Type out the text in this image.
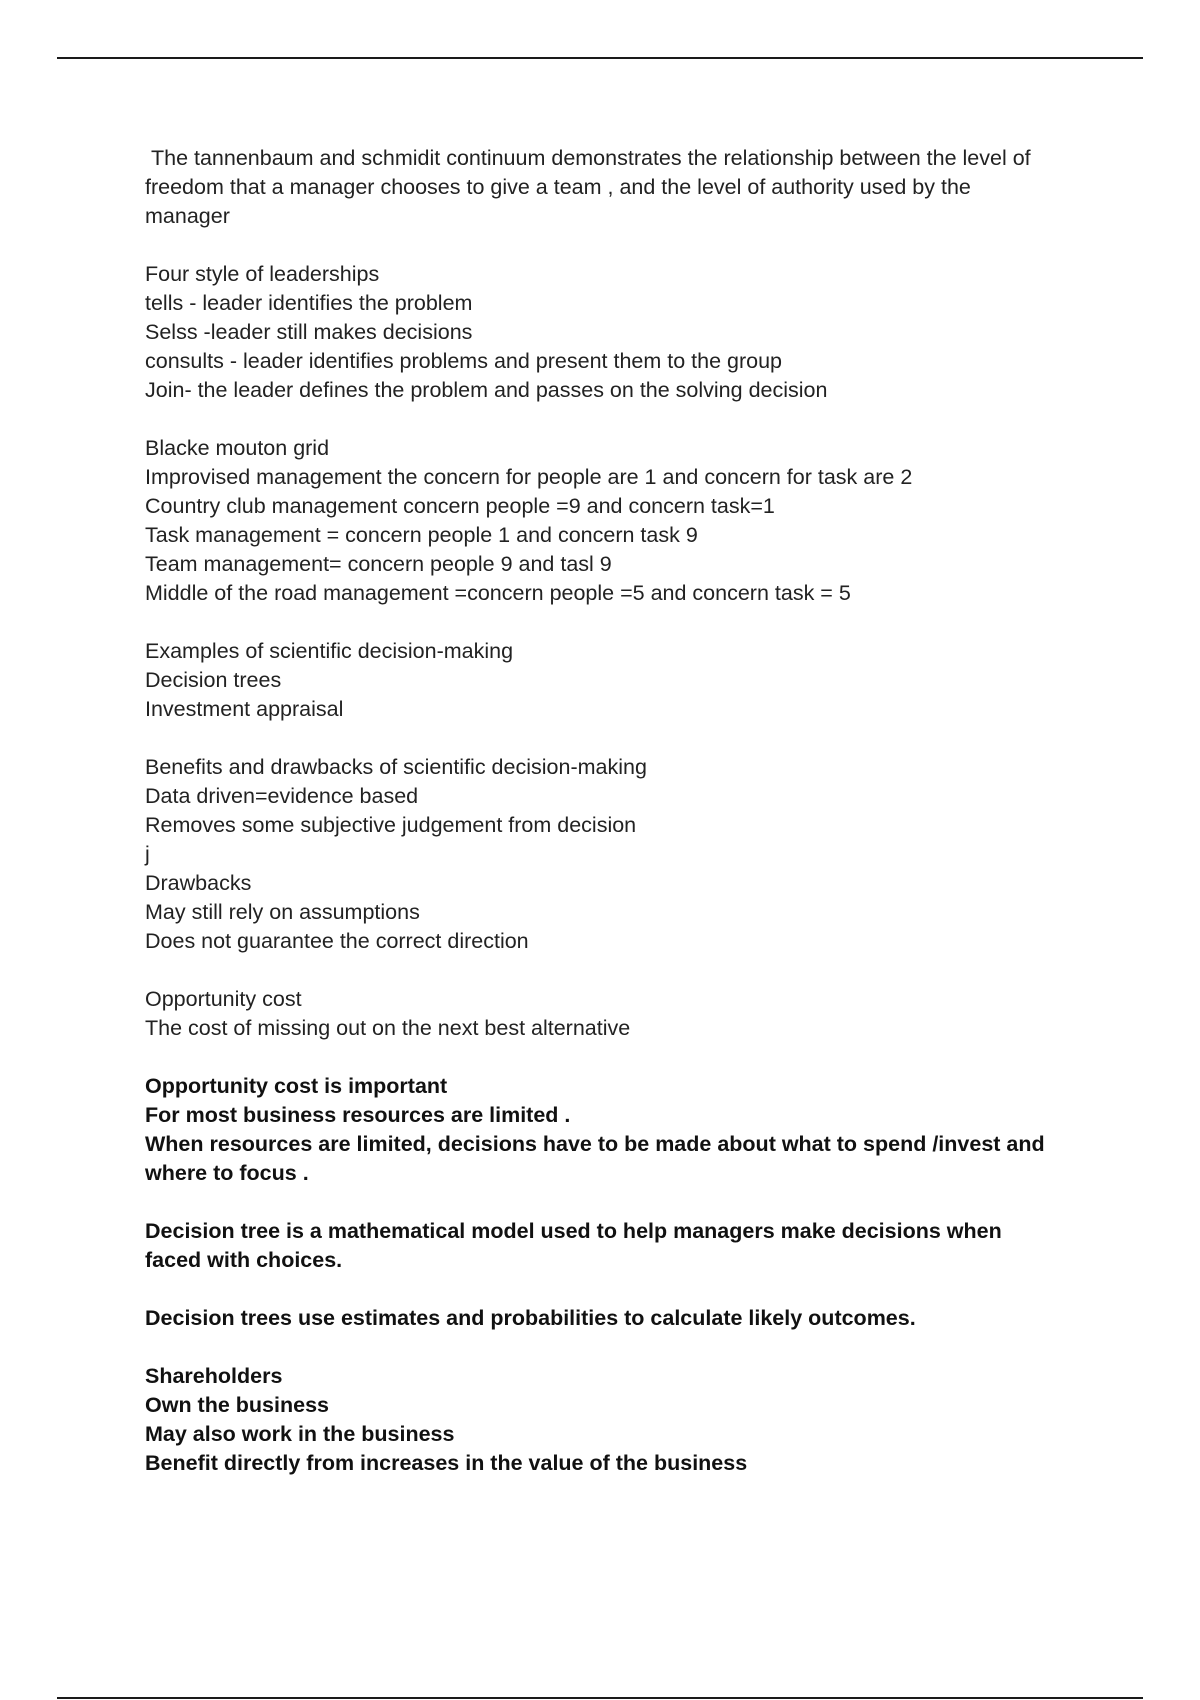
The tannenbaum and schmidit continuum demonstrates the relationship between the level of freedom that a manager chooses to give a team , and the level of authority used by the manager

Four style of leaderships
tells - leader identifies the problem
Selss -leader still makes decisions
consults - leader identifies problems and present them to the group
Join- the leader defines the problem and passes on the solving decision
Blacke mouton grid
Improvised management the concern for people are 1 and concern for task are 2
Country club management concern people =9 and concern task=1
Task management = concern people 1 and concern task 9
Team management= concern people 9 and tasl 9
Middle of the road management =concern people =5 and concern task = 5
Examples of scientific decision-making
Decision trees
Investment appraisal
Benefits and drawbacks of scientific decision-making
Data driven=evidence based
Removes some subjective judgement from decision
j
Drawbacks
May still rely on assumptions
Does not guarantee the correct direction
Opportunity cost
The cost of missing out on the next best alternative
Opportunity cost is important
For most business resources are limited .
When resources are limited, decisions have to be made about what to spend /invest and where to focus .

Decision tree is a mathematical model used to help managers make decisions when faced with choices.

Decision trees use estimates and probabilities to calculate likely outcomes.

Shareholders
Own the business
May also work in the business
Benefit directly from increases in the value of the business
